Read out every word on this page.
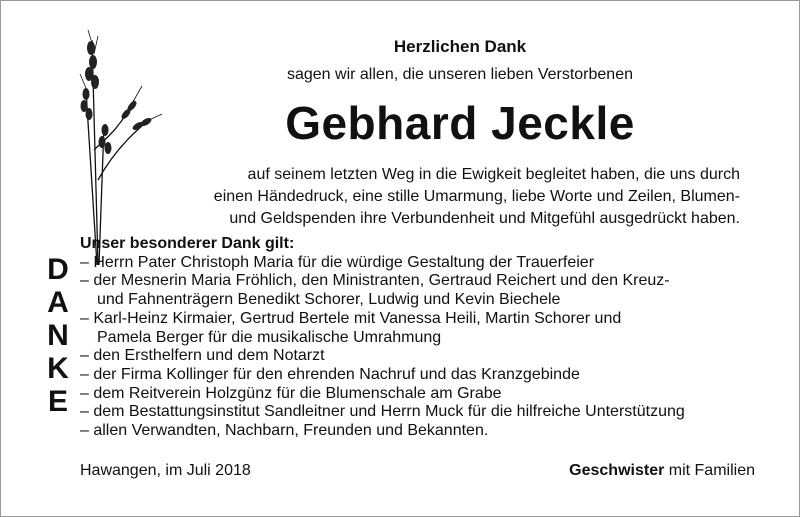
Herzlichen Dank
sagen wir allen, die unseren lieben Verstorbenen
Gebhard Jeckle
auf seinem letzten Weg in die Ewigkeit begleitet haben, die uns durch
einen Händedruck, eine stille Umarmung, liebe Worte und Zeilen, Blumen-
und Geldspenden ihre Verbundenheit und Mitgefühl ausgedrückt haben.
D
A
N
K
E
Unser besonderer Dank gilt:
– Herrn Pater Christoph Maria für die würdige Gestaltung der Trauerfeier
– der Mesnerin Maria Fröhlich, den Ministranten, Gertraud Reichert und den Kreuz-
und Fahnenträgern Benedikt Schorer, Ludwig und Kevin Biechele
– Karl-Heinz Kirmaier, Gertrud Bertele mit Vanessa Heili, Martin Schorer und
Pamela Berger für die musikalische Umrahmung
– den Ersthelfern und dem Notarzt
– der Firma Kollinger für den ehrenden Nachruf und das Kranzgebinde
– dem Reitverein Holzgünz für die Blumenschale am Grabe
– dem Bestattungsinstitut Sandleitner und Herrn Muck für die hilfreiche Unterstützung
– allen Verwandten, Nachbarn, Freunden und Bekannten.
Hawangen, im Juli 2018	Geschwister mit Familien
